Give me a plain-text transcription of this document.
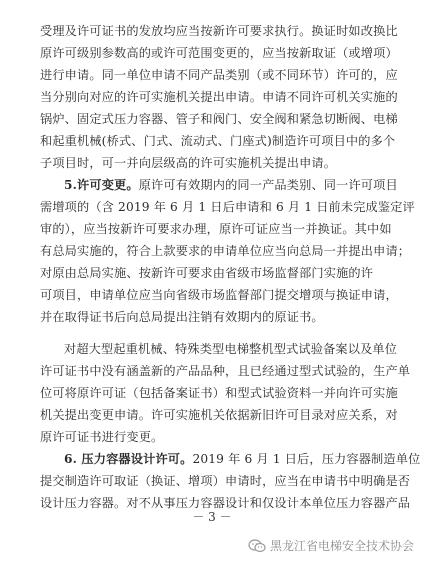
受理及许可证书的发放均应当按新许可要求执行。换证时如改换比
原许可级别参数高的或许可范围变更的，应当按新取证（或增项）
进行申请。同一单位申请不同产品类别（或不同环节）许可的，应
当分别向对应的许可实施机关提出申请。申请不同许可机关实施的
锅炉、固定式压力容器、管子和阀门、安全阀和紧急切断阀、电梯
和起重机械(桥式、门式、流动式、门座式)制造许可项目中的多个
子项目时，可一并向层级高的许可实施机关提出申请。
5.许可变更。原许可有效期内的同一产品类别、同一许可项目
需增项的（含 2019 年 6 月 1 日后申请和 6 月 1 日前未完成鉴定评
审的），应当按新许可要求办理，原许可证应当一并换证。其中如
有总局实施的，符合上款要求的申请单位应当向总局一并提出申请；
对原由总局实施、按新许可要求由省级市场监督部门实施的许
可项目，申请单位应当向省级市场监督部门提交增项与换证申请，
并在取得证书后向总局提出注销有效期内的原证书。
对超大型起重机械、特殊类型电梯整机型式试验备案以及单位
许可证书中没有涵盖新的产品品种，且已经通过型式试验的，生产单
位可将原许可证（包括备案证书）和型式试验资料一并向许可实施
机关提出变更申请。许可实施机关依据新旧许可目录对应关系，对
原许可证书进行变更。
6. 压力容器设计许可。2019 年 6 月 1 日后，压力容器制造单位
提交制造许可取证（换证、增项）申请时，应当在申请书中明确是否
设计压力容器。对不从事压力容器设计和仅设计本单位压力容器产品
－ 3 －
黑龙江省电梯安全技术协会
